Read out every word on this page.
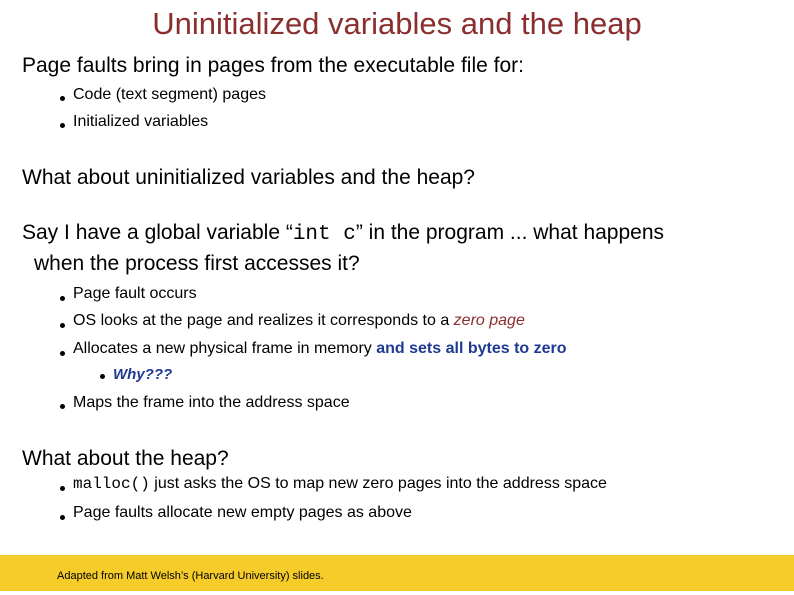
Uninitialized variables and the heap
Page faults bring in pages from the executable file for:
Code (text segment) pages
Initialized variables
What about uninitialized variables and the heap?
Say I have a global variable “int c” in the program ... what happens
when the process first accesses it?
Page fault occurs
OS looks at the page and realizes it corresponds to a zero page
Allocates a new physical frame in memory and sets all bytes to zero
Why???
Maps the frame into the address space
What about the heap?
malloc() just asks the OS to map new zero pages into the address space
Page faults allocate new empty pages as above
Adapted from Matt Welsh’s (Harvard University) slides.
